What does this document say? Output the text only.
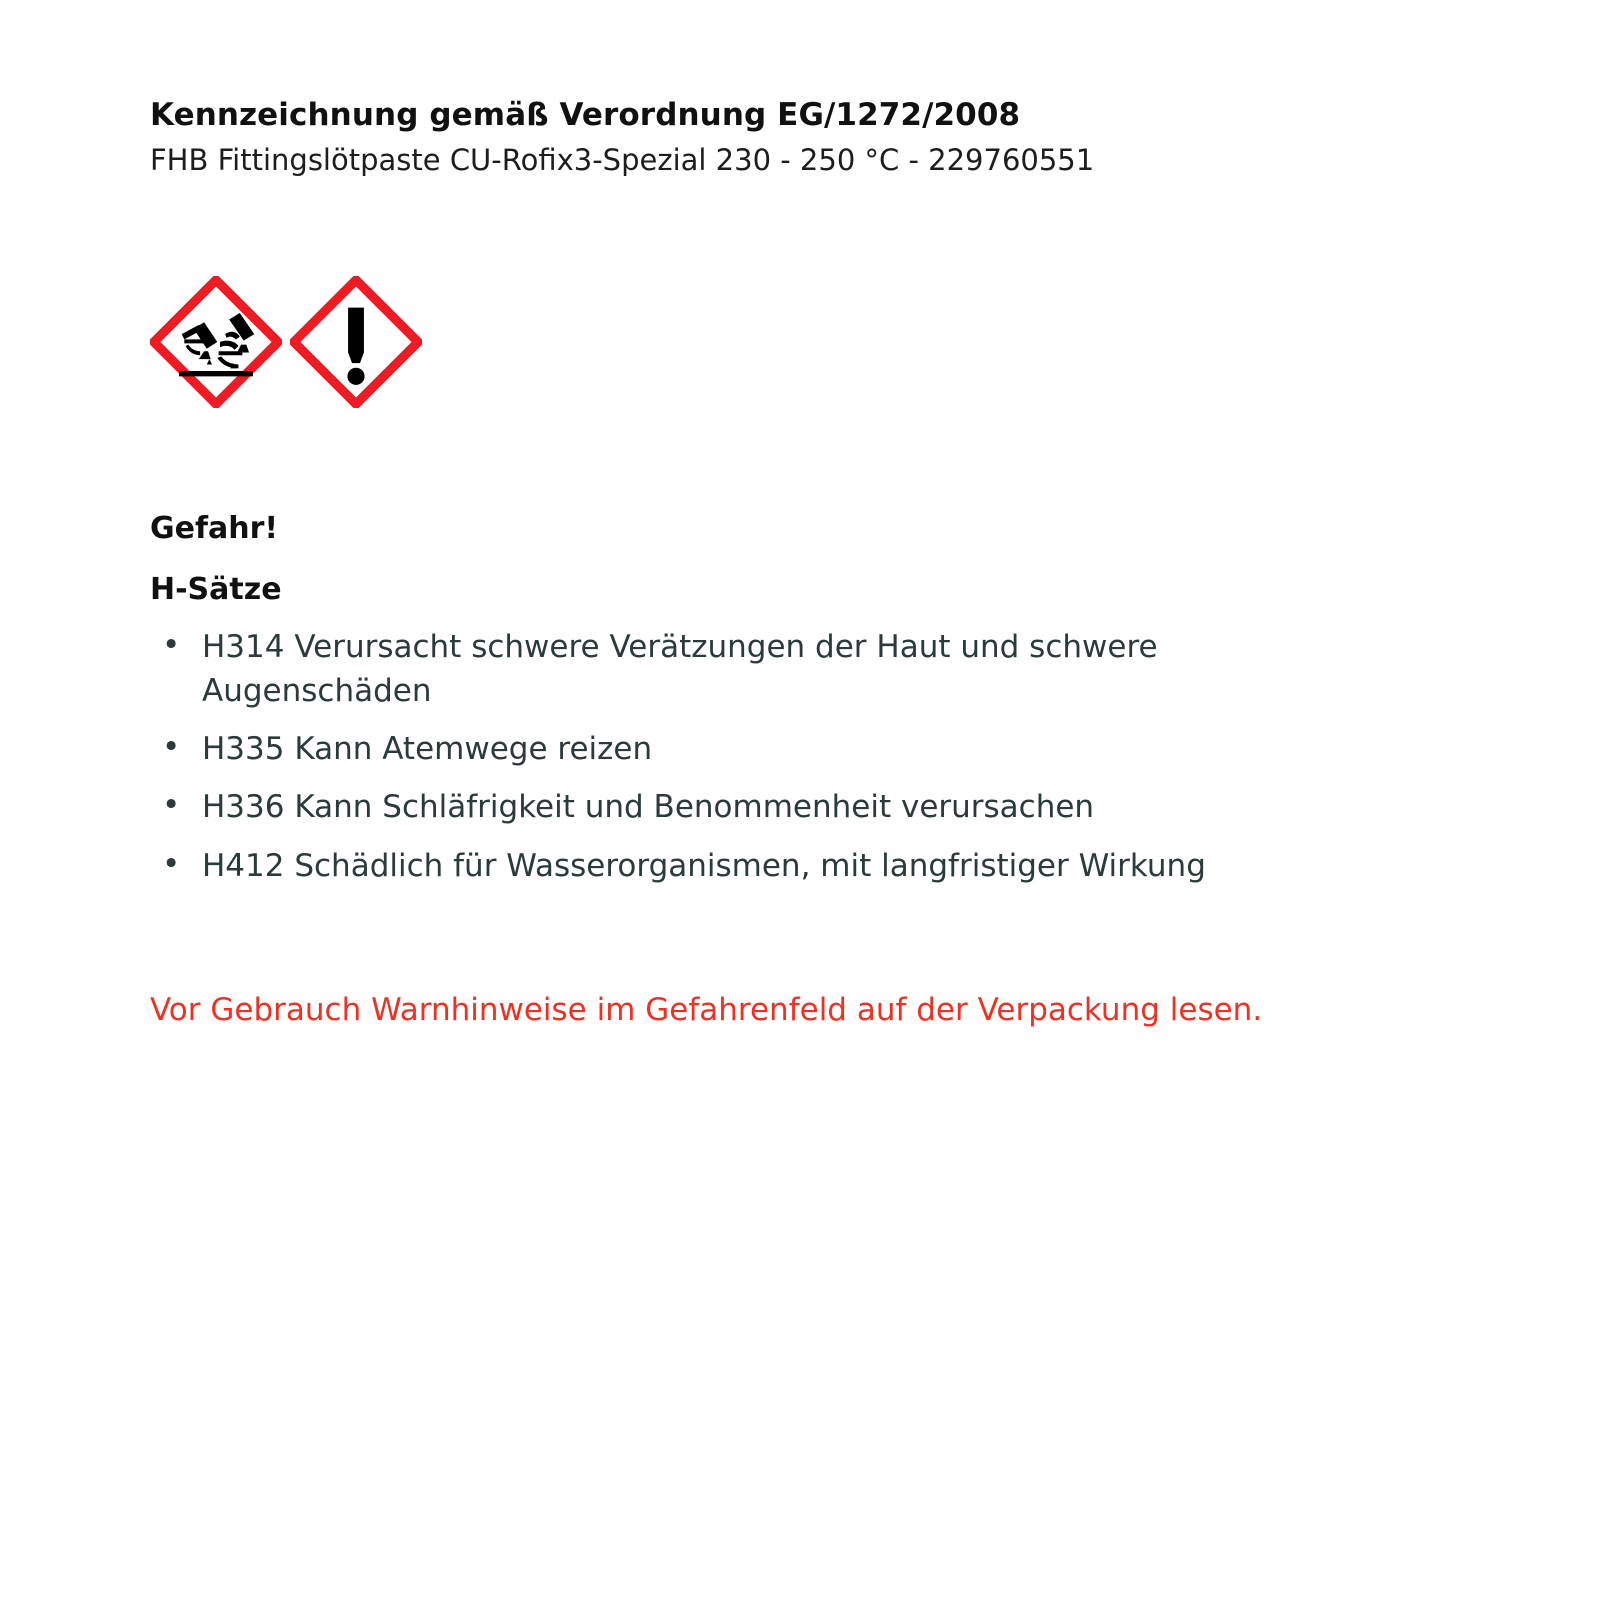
Kennzeichnung gemäß Verordnung EG/1272/2008

FHB Fittingslötpaste CU-Rofix3-Spezial 230 - 250 °C - 229760551

Gefahr!
H-Sätze
• H314 Verursacht schwere Verätzungen der Haut und schwere Augenschäden
• H335 Kann Atemwege reizen
• H336 Kann Schläfrigkeit und Benommenheit verursachen
• H412 Schädlich für Wasserorganismen, mit langfristiger Wirkung

Vor Gebrauch Warnhinweise im Gefahrenfeld auf der Verpackung lesen.
